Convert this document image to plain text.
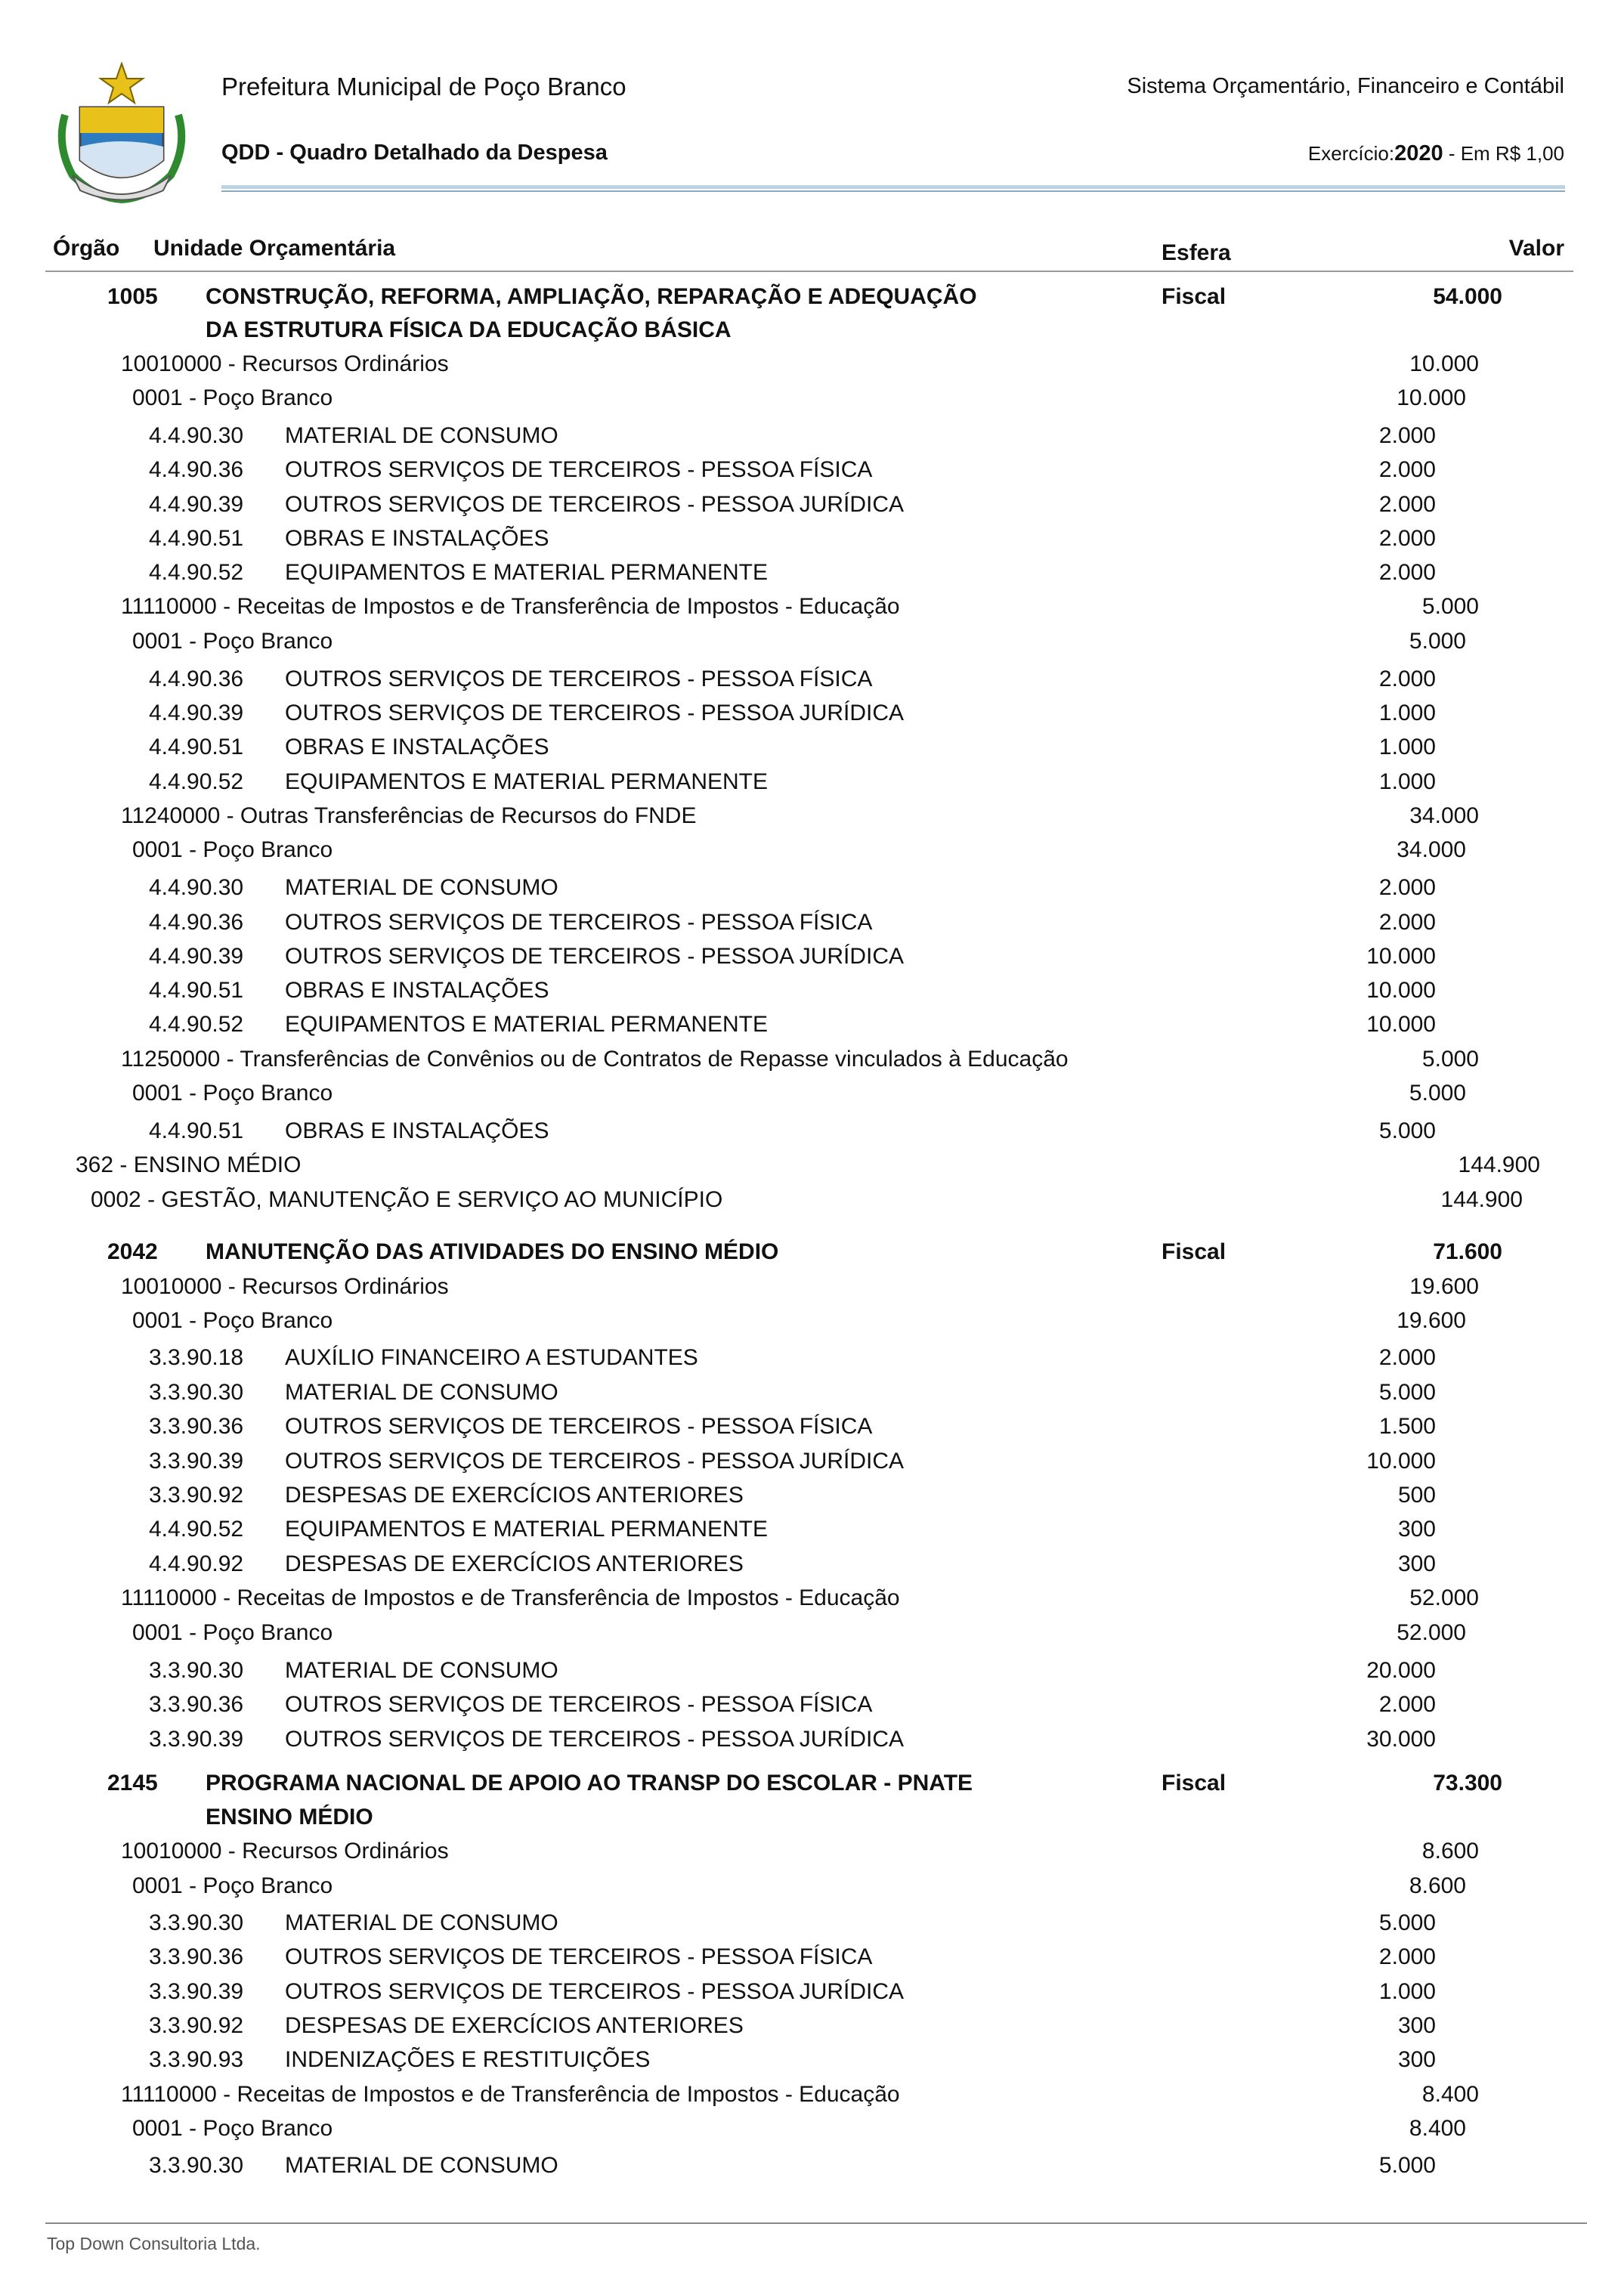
Prefeitura Municipal de Poço Branco
QDD - Quadro Detalhado da Despesa
Sistema Orçamentário, Financeiro e Contábil
Exercício:2020 - Em R$ 1,00
Órgão Unidade Orçamentária	Esfera	Valor
1005 CONSTRUÇÃO, REFORMA, AMPLIAÇÃO, REPARAÇÃO E ADEQUAÇÃO	Fiscal	54.000
DA ESTRUTURA FÍSICA DA EDUCAÇÃO BÁSICA
10010000 - Recursos Ordinários	10.000
0001 - Poço Branco	10.000
4.4.90.30 MATERIAL DE CONSUMO	2.000
4.4.90.36 OUTROS SERVIÇOS DE TERCEIROS - PESSOA FÍSICA	2.000
4.4.90.39 OUTROS SERVIÇOS DE TERCEIROS - PESSOA JURÍDICA	2.000
4.4.90.51 OBRAS E INSTALAÇÕES	2.000
4.4.90.52 EQUIPAMENTOS E MATERIAL PERMANENTE	2.000
11110000 - Receitas de Impostos e de Transferência de Impostos - Educação	5.000
0001 - Poço Branco	5.000
4.4.90.36 OUTROS SERVIÇOS DE TERCEIROS - PESSOA FÍSICA	2.000
4.4.90.39 OUTROS SERVIÇOS DE TERCEIROS - PESSOA JURÍDICA	1.000
4.4.90.51 OBRAS E INSTALAÇÕES	1.000
4.4.90.52 EQUIPAMENTOS E MATERIAL PERMANENTE	1.000
11240000 - Outras Transferências de Recursos do FNDE	34.000
0001 - Poço Branco	34.000
4.4.90.30 MATERIAL DE CONSUMO	2.000
4.4.90.36 OUTROS SERVIÇOS DE TERCEIROS - PESSOA FÍSICA	2.000
4.4.90.39 OUTROS SERVIÇOS DE TERCEIROS - PESSOA JURÍDICA	10.000
4.4.90.51 OBRAS E INSTALAÇÕES	10.000
4.4.90.52 EQUIPAMENTOS E MATERIAL PERMANENTE	10.000
11250000 - Transferências de Convênios ou de Contratos de Repasse vinculados à Educação	5.000
0001 - Poço Branco	5.000
4.4.90.51 OBRAS E INSTALAÇÕES	5.000
362 - ENSINO MÉDIO	144.900
0002 - GESTÃO, MANUTENÇÃO E SERVIÇO AO MUNICÍPIO	144.900
2042 MANUTENÇÃO DAS ATIVIDADES DO ENSINO MÉDIO	Fiscal	71.600
10010000 - Recursos Ordinários	19.600
0001 - Poço Branco	19.600
3.3.90.18 AUXÍLIO FINANCEIRO A ESTUDANTES	2.000
3.3.90.30 MATERIAL DE CONSUMO	5.000
3.3.90.36 OUTROS SERVIÇOS DE TERCEIROS - PESSOA FÍSICA	1.500
3.3.90.39 OUTROS SERVIÇOS DE TERCEIROS - PESSOA JURÍDICA	10.000
3.3.90.92 DESPESAS DE EXERCÍCIOS ANTERIORES	500
4.4.90.52 EQUIPAMENTOS E MATERIAL PERMANENTE	300
4.4.90.92 DESPESAS DE EXERCÍCIOS ANTERIORES	300
11110000 - Receitas de Impostos e de Transferência de Impostos - Educação	52.000
0001 - Poço Branco	52.000
3.3.90.30 MATERIAL DE CONSUMO	20.000
3.3.90.36 OUTROS SERVIÇOS DE TERCEIROS - PESSOA FÍSICA	2.000
3.3.90.39 OUTROS SERVIÇOS DE TERCEIROS - PESSOA JURÍDICA	30.000
2145 PROGRAMA NACIONAL DE APOIO AO TRANSP DO ESCOLAR - PNATE	Fiscal	73.300
ENSINO MÉDIO
10010000 - Recursos Ordinários	8.600
0001 - Poço Branco	8.600
3.3.90.30 MATERIAL DE CONSUMO	5.000
3.3.90.36 OUTROS SERVIÇOS DE TERCEIROS - PESSOA FÍSICA	2.000
3.3.90.39 OUTROS SERVIÇOS DE TERCEIROS - PESSOA JURÍDICA	1.000
3.3.90.92 DESPESAS DE EXERCÍCIOS ANTERIORES	300
3.3.90.93 INDENIZAÇÕES E RESTITUIÇÕES	300
11110000 - Receitas de Impostos e de Transferência de Impostos - Educação	8.400
0001 - Poço Branco	8.400
3.3.90.30 MATERIAL DE CONSUMO	5.000
Top Down Consultoria Ltda.
